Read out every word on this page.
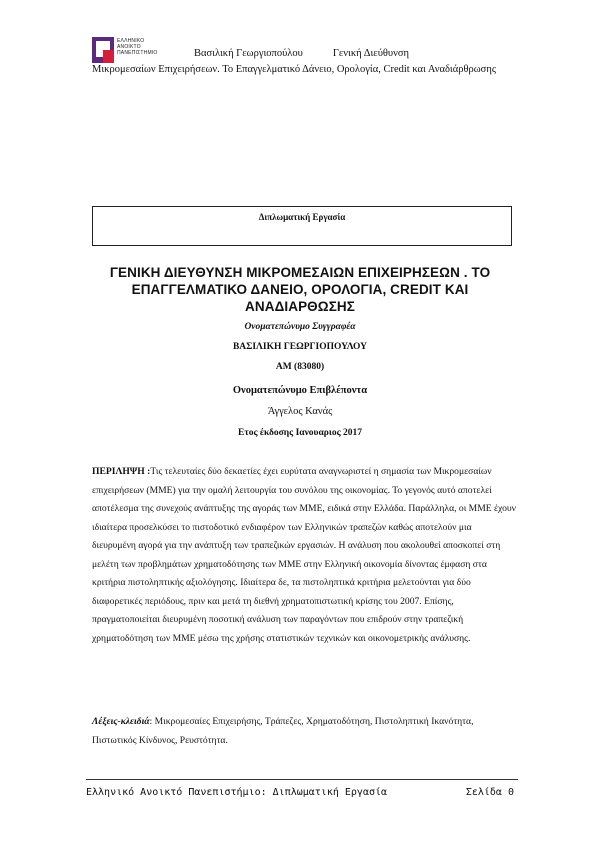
ΕΛΛΗΝΙΚΟ
ΑΝΟΙΚΤΟ
ΠΑΝΕΠΙΣΤΗΜΙΟ	Βασιλική Γεωργιοπούλου	Γενική Διεύθυνση
Μικρομεσαίων Επιχειρήσεων. Το Επαγγελματικό Δάνειο, Ορολογία, Credit και Αναδιάρθρωσης
Διπλωματική Εργασία
ΓΕΝΙΚΗ ΔΙΕΥΘΥΝΣΗ ΜΙΚΡΟΜΕΣΑΙΩΝ ΕΠΙΧΕΙΡΗΣΕΩΝ . ΤΟ ΕΠΑΓΓΕΛΜΑΤΙΚΟ ΔΑΝΕΙΟ, ΟΡΟΛΟΓΙΑ, CREDIT ΚΑΙ ΑΝΑΔΙΑΡΘΩΣΗΣ
Ονοματεπώνυμο Συγγραφέα
ΒΑΣΙΛΙΚΗ ΓΕΩΡΓΙΟΠΟΥΛΟΥ
ΑΜ (83080)
Ονοματεπώνυμο Επιβλέποντα
Άγγελος Κανάς
Ετος έκδοσης Ιανουαριος 2017
ΠΕΡΙΛΗΨΗ :Τις τελευταίες δύο δεκαετίες έχει ευρύτατα αναγνωριστεί η σημασία των Μικρομεσαίων επιχειρήσεων (ΜΜΕ) για την ομαλή λειτουργία του συνόλου της οικονομίας. Το γεγονός αυτό αποτελεί αποτέλεσμα της συνεχούς ανάπτυξης της αγοράς των ΜΜΕ, ειδικά στην Ελλάδα. Παράλληλα, οι ΜΜΕ έχουν ιδιαίτερα προσελκύσει το πιστοδοτικό ενδιαφέρον των Ελληνικών τραπεζών καθώς αποτελούν μια διευρυμένη αγορά για την ανάπτυξη των τραπεζικών εργασιών. Η ανάλυση που ακολουθεί αποσκοπεί στη μελέτη των προβλημάτων χρηματοδότησης των ΜΜΕ στην Ελληνική οικονομία δίνοντας έμφαση στα κριτήρια πιστοληπτικής αξιολόγησης. Ιδιαίτερα δε, τα πιστοληπτικά κριτήρια μελετούνται για δύο διαφορετικές περιόδους, πριν και μετά τη διεθνή χρηματοπιστωτική κρίσης του 2007. Επίσης, πραγματοποιείται διευρυμένη ποσοτική ανάλυση των παραγόντων που επιδρούν στην τραπεζική χρηματοδότηση των ΜΜΕ μέσω της χρήσης στατιστικών τεχνικών και οικονομετρικής ανάλυσης.
Λέξεις-κλειδιά: Μικρομεσαίες Επιχειρήσης, Τράπεζες, Χρηματοδότηση, Πιστοληπτική Ικανότητα, Πιστωτικός Κίνδυνος, Ρευστότητα.
Ελληνικό Ανοικτό Πανεπιστήμιο: Διπλωματική Εργασία	Σελίδα 0
